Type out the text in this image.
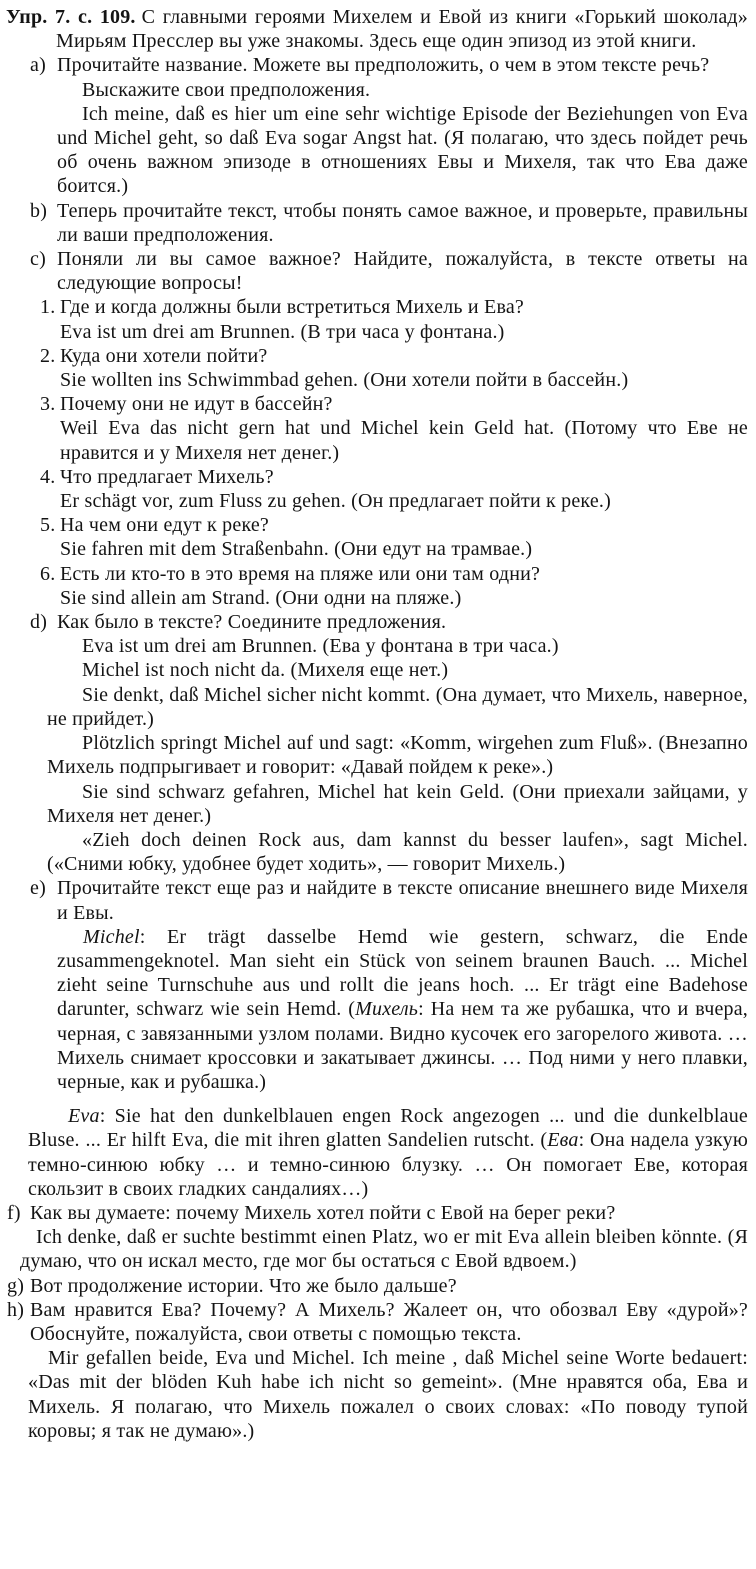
Упр. 7. с. 109. С главными героями Михелем и Евой из книги «Горький шоколад» Мирьям Пресслер вы уже знакомы. Здесь еще один эпизод из этой книги.

a) Прочитайте название. Можете вы предположить, о чем в этом тексте речь?

Выскажите свои предположения.

Ich meine, daß es hier um eine sehr wichtige Episode der Beziehungen von Eva und Michel geht, so daß Eva sogar Angst hat. (Я полагаю, что здесь пойдет речь об очень важном эпизоде в отношениях Евы и Михеля, так что Ева даже боится.)

b) Теперь прочитайте текст, чтобы понять самое важное, и проверьте, правильны ли ваши предположения.

c) Поняли ли вы самое важное? Найдите, пожалуйста, в тексте ответы на следующие вопросы!

1. Где и когда должны были встретиться Михель и Ева?

Eva ist um drei am Brunnen. (В три часа у фонтана.)

2. Куда они хотели пойти?

Sie wollten ins Schwimmbad gehen. (Они хотели пойти в бассейн.)

3. Почему они не идут в бассейн?

Weil Eva das nicht gern hat und Michel kein Geld hat. (Потому что Еве не нравится и у Михеля нет денег.)

4. Что предлагает Михель?

Er schägt vor, zum Fluss zu gehen. (Он предлагает пойти к реке.)

5. На чем они едут к реке?

Sie fahren mit dem Straßenbahn. (Они едут на трамвае.)

6. Есть ли кто-то в это время на пляже или они там одни?

Sie sind allein am Strand. (Они одни на пляже.)

d) Как было в тексте? Соедините предложения.

Eva ist um drei am Brunnen. (Ева у фонтана в три часа.)

Michel ist noch nicht da. (Михеля еще нет.)

Sie denkt, daß Michel sicher nicht kommt. (Она думает, что Михель, наверное, не прийдет.)

Plötzlich springt Michel auf und sagt: «Komm, wirgehen zum Fluß». (Внезапно Михель подпрыгивает и говорит: «Давай пойдем к реке».)

Sie sind schwarz gefahren, Michel hat kein Geld. (Они приехали зайцами, у Михеля нет денег.)

«Zieh doch deinen Rock aus, dam kannst du besser laufen», sagt Michel. («Сними юбку, удобнее будет ходить», — говорит Михель.)

e) Прочитайте текст еще раз и найдите в тексте описание внешнего виде Михеля и Евы.

Michel: Er trägt dasselbe Hemd wie gestern, schwarz, die Ende zusammengeknotel. Man sieht ein Stück von seinem braunen Bauch. ... Michel zieht seine Turnschuhe aus und rollt die jeans hoch. ... Er trägt eine Badehose darunter, schwarz wie sein Hemd. (Михель: На нем та же рубашка, что и вчера, черная, с завязанными узлом полами. Видно кусочек его загорелого живота. … Михель снимает кроссовки и закатывает джинсы. … Под ними у него плавки, черные, как и рубашка.)

Eva: Sie hat den dunkelblauen engen Rock angezogen ... und die dunkelblaue Bluse. ... Er hilft Eva, die mit ihren glatten Sandelien rutscht. (Ева: Она надела узкую темно-синюю юбку … и темно-синюю блузку. … Он помогает Еве, которая скользит в своих гладких сандалиях…)

f) Как вы думаете: почему Михель хотел пойти с Евой на берег реки?

Ich denke, daß er suchte bestimmt einen Platz, wo er mit Eva allein bleiben könnte. (Я думаю, что он искал место, где мог бы остаться с Евой вдвоем.)

g) Вот продолжение истории. Что же было дальше?

h) Вам нравится Ева? Почему? А Михель? Жалеет он, что обозвал Еву «дурой»? Обоснуйте, пожалуйста, свои ответы с помощью текста.

Mir gefallen beide, Eva und Michel. Ich meine , daß Michel seine Worte bedauert: «Das mit der blöden Kuh habe ich nicht so gemeint». (Мне нравятся оба, Ева и Михель. Я полагаю, что Михель пожалел о своих словах: «По поводу тупой коровы; я так не думаю».)
